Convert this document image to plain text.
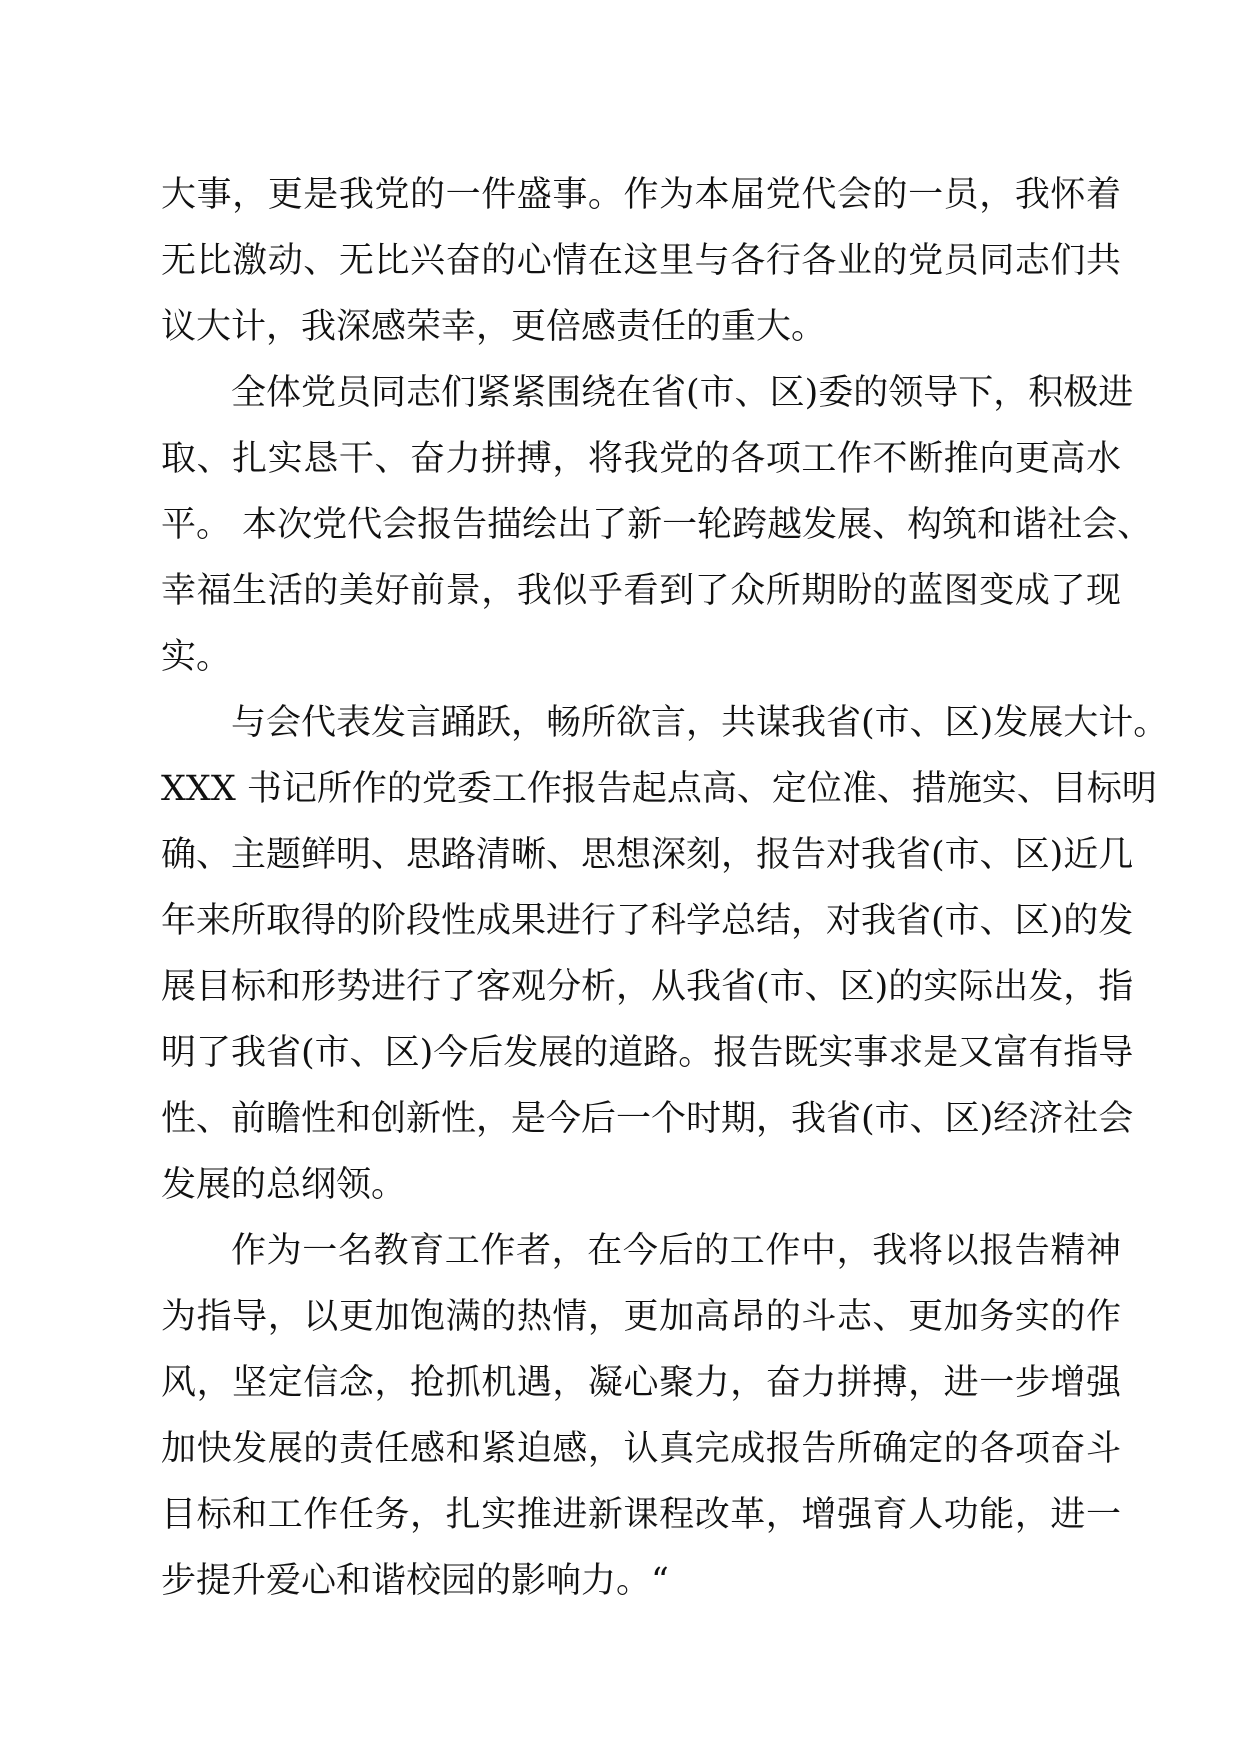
大事，更是我党的一件盛事。作为本届党代会的一员，我怀着
无比激动、无比兴奋的心情在这里与各行各业的党员同志们共
议大计，我深感荣幸，更倍感责任的重大。
全体党员同志们紧紧围绕在省(市、区)委的领导下，积极进
取、扎实恳干、奋力拼搏，将我党的各项工作不断推向更高水
平。 本次党代会报告描绘出了新一轮跨越发展、构筑和谐社会、
幸福生活的美好前景，我似乎看到了众所期盼的蓝图变成了现
实。
与会代表发言踊跃，畅所欲言，共谋我省(市、区)发展大计。
XXX 书记所作的党委工作报告起点高、定位准、措施实、目标明
确、主题鲜明、思路清晰、思想深刻，报告对我省(市、区)近几
年来所取得的阶段性成果进行了科学总结，对我省(市、区)的发
展目标和形势进行了客观分析，从我省(市、区)的实际出发，指
明了我省(市、区)今后发展的道路。报告既实事求是又富有指导
性、前瞻性和创新性，是今后一个时期，我省(市、区)经济社会
发展的总纲领。
作为一名教育工作者，在今后的工作中，我将以报告精神
为指导，以更加饱满的热情，更加高昂的斗志、更加务实的作
风，坚定信念，抢抓机遇，凝心聚力，奋力拼搏，进一步增强
加快发展的责任感和紧迫感，认真完成报告所确定的各项奋斗
目标和工作任务，扎实推进新课程改革，增强育人功能，进一
步提升爱心和谐校园的影响力。“
